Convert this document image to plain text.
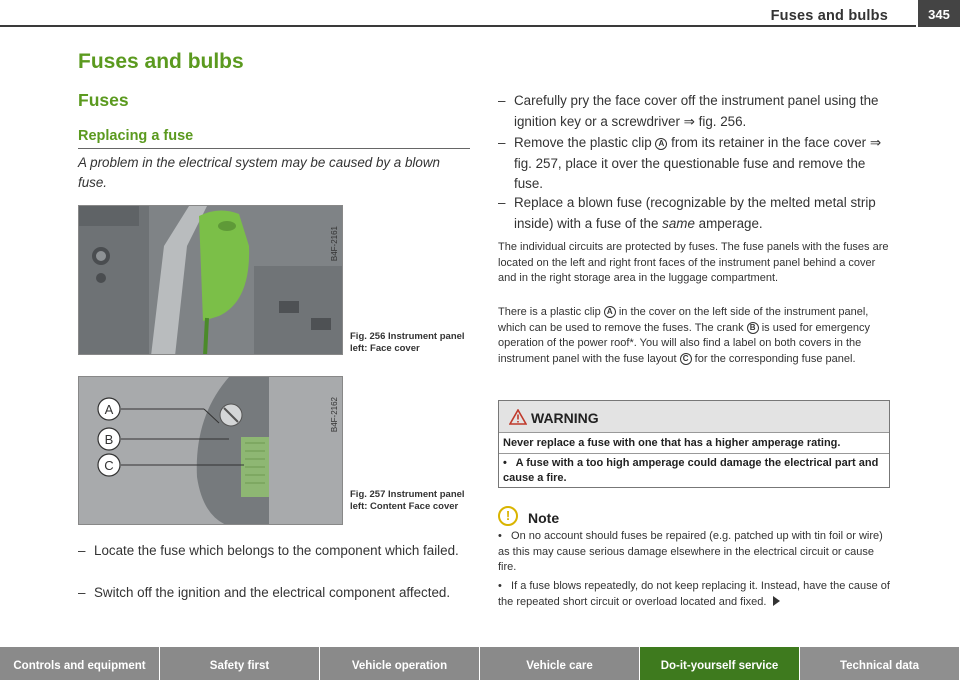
Fuses and bulbs	345
Fuses and bulbs
Fuses
Replacing a fuse
A problem in the electrical system may be caused by a blown fuse.
B4F-2161
Fig. 256 Instrument panel left: Face cover
A
B
C
B4F-2162
Fig. 257 Instrument panel left: Content Face cover
– Locate the fuse which belongs to the component which failed.
– Switch off the ignition and the electrical component affected.
– Carefully pry the face cover off the instrument panel using the ignition key or a screwdriver ⇒ fig. 256.
– Remove the plastic clip A from its retainer in the face cover ⇒ fig. 257, place it over the questionable fuse and remove the fuse.
– Replace a blown fuse (recognizable by the melted metal strip inside) with a fuse of the same amperage.
The individual circuits are protected by fuses. The fuse panels with the fuses are located on the left and right front faces of the instrument panel behind a cover and in the right storage area in the luggage compartment.
There is a plastic clip A in the cover on the left side of the instrument panel, which can be used to remove the fuses. The crank B is used for emergency operation of the power roof*. You will also find a label on both covers in the instrument panel with the fuse layout C for the corresponding fuse panel.
WARNING
Never replace a fuse with one that has a higher amperage rating.
•   A fuse with a too high amperage could damage the electrical part and cause a fire.
!	Note
•   On no account should fuses be repaired (e.g. patched up with tin foil or wire) as this may cause serious damage elsewhere in the electrical circuit or cause fire.
•   If a fuse blows repeatedly, do not keep replacing it. Instead, have the cause of the repeated short circuit or overload located and fixed.
Controls and equipment	Safety first	Vehicle operation	Vehicle care	Do-it-yourself service	Technical data
